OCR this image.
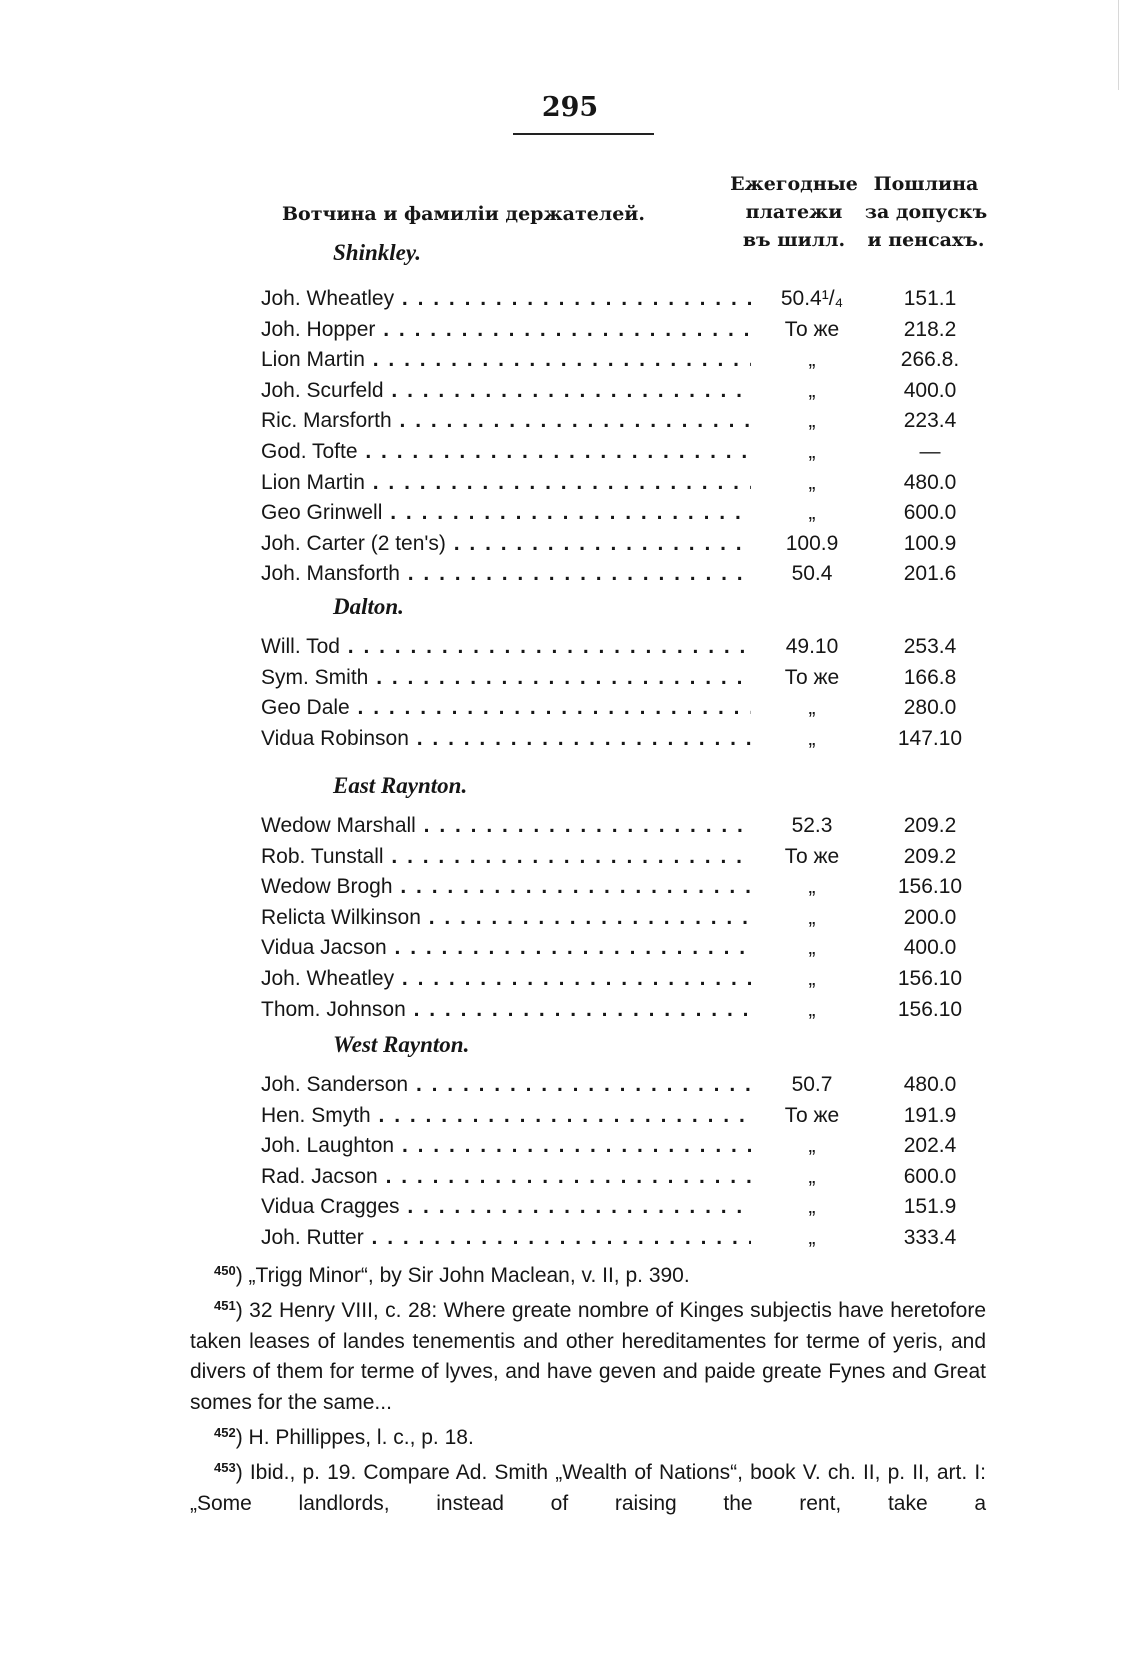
295
Вотчина и фамилiи держателей.
Ежегодные
платежи
въ шилл.
Пошлина
за допускъ
и пенсахъ.
Shinkley.
Joh. Wheatley . . .	50.4¹/₄	151.1
Joh. Hopper . . .	То же	218.2
Lion Martin . . .	„	266.8.
Joh. Scurfeld . . .	„	400.0
Ric. Marsforth . . .	„	223.4
God. Tofte . . .	„	—
Lion Martin . . .	„	480.0
Geo Grinwell . . .	„	600.0
Joh. Carter (2 ten's) . . .	100.9	100.9
Joh. Mansforth . . .	50.4	201.6
Dalton.
Will. Tod . . .	49.10	253.4
Sym. Smith . . .	То же	166.8
Geo Dale . . .	„	280.0
Vidua Robinson . . .	„	147.10
East Raynton.
Wedow Marshall . . .	52.3	209.2
Rob. Tunstall . . .	То же	209.2
Wedow Brogh . . .	„	156.10
Relicta Wilkinson . . .	„	200.0
Vidua Jacson . . .	„	400.0
Joh. Wheatley . . .	„	156.10
Thom. Johnson . . .	„	156.10
West Raynton.
Joh. Sanderson . . .	50.7	480.0
Hen. Smyth . . .	То же	191.9
Joh. Laughton . . .	„	202.4
Rad. Jacson . . .	„	600.0
Vidua Cragges . . .	„	151.9
Joh. Rutter . . .	„	333.4

$^{450}$) „Trigg Minor“, by Sir John Maclean, v. II, p. 390.

$^{451}$) 32 Henry VIII, c. 28: Where greate nombre of Kinges subjectis have heretofore taken leases of landes tenementis and other hereditamentes for terme of yeris, and divers of them for terme of lyves, and have geven and paide greate Fynes and Great somes for the same...

$^{452}$) H. Phillippes, l. c., p. 18.

$^{453}$) Ibid., p. 19. Compare Ad. Smith „Wealth of Nations“, book V. ch. II, p. II, art. I: „Some landlords, instead of raising the rent, take a
